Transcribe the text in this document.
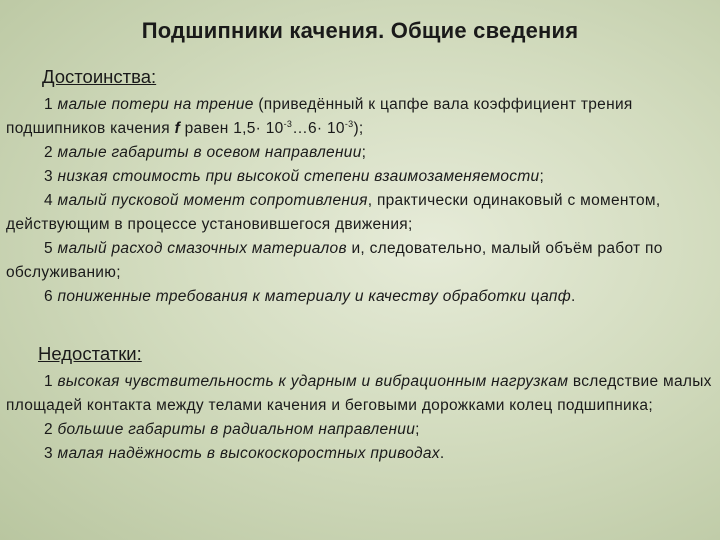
Подшипники качения. Общие сведения
Достоинства:

1 малые потери на трение (приведённый к цапфе вала коэффициент трения подшипников качения f равен $1,5\cdot 10^{-3}\dots 6\cdot 10^{-3}$);

2 малые габариты в осевом направлении;

3 низкая стоимость при высокой степени взаимозаменяемости;

4 малый пусковой момент сопротивления, практически одинаковый с моментом, действующим в процессе установившегося движения;

5 малый расход смазочных материалов и, следовательно, малый объём работ по обслуживанию;

6 пониженные требования к материалу и качеству обработки цапф.

Недостатки:

1 высокая чувствительность к ударным и вибрационным нагрузкам вследствие малых площадей контакта между телами качения и беговыми дорожками колец подшипника;

2 большие габариты в радиальном направлении;

3 малая надёжность в высокоскоростных приводах.
